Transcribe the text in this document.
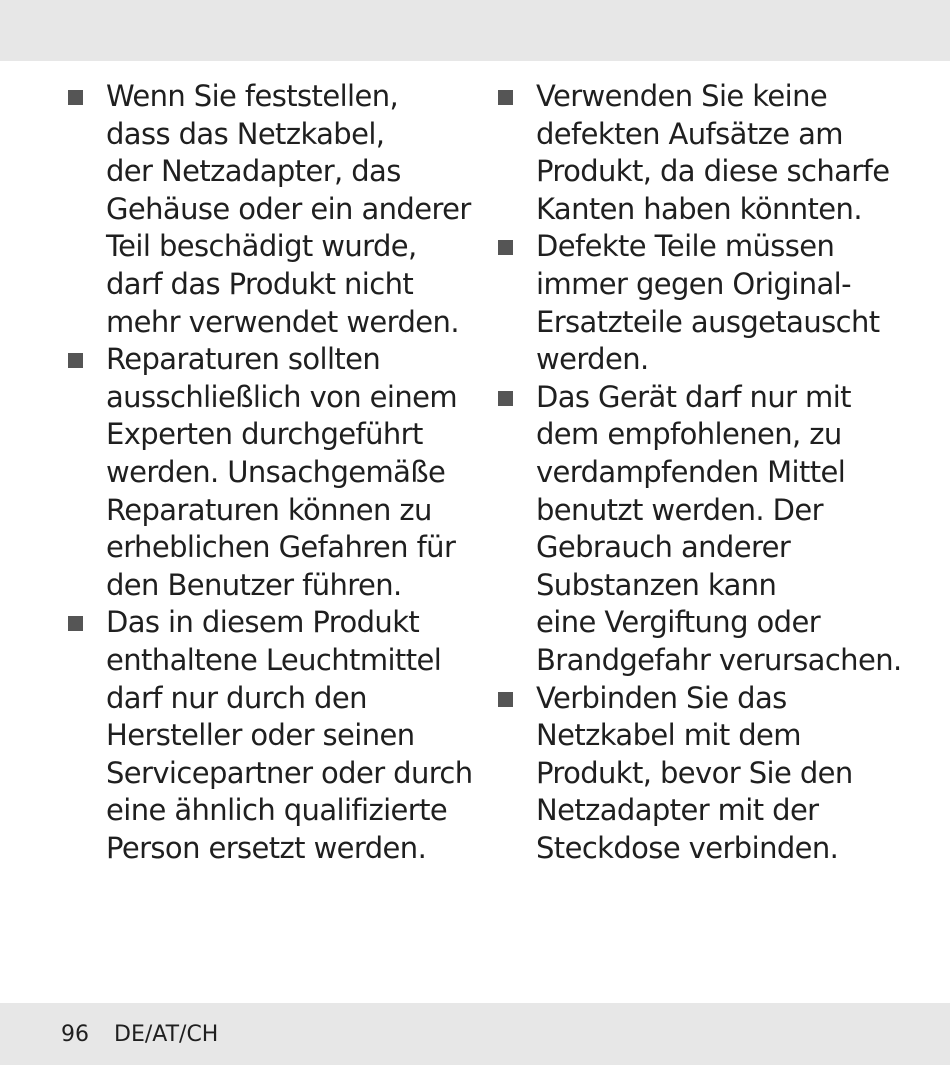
Wenn Sie feststellen,
dass das Netzkabel,
der Netzadapter, das
Gehäuse oder ein anderer
Teil beschädigt wurde,
darf das Produkt nicht
mehr verwendet werden.
Reparaturen sollten
ausschließlich von einem
Experten durchgeführt
werden. Unsachgemäße
Reparaturen können zu
erheblichen Gefahren für
den Benutzer führen.
Das in diesem Produkt
enthaltene Leuchtmittel
darf nur durch den
Hersteller oder seinen
Servicepartner oder durch
eine ähnlich qualifizierte
Person ersetzt werden.
Verwenden Sie keine
defekten Aufsätze am
Produkt, da diese scharfe
Kanten haben könnten.
Defekte Teile müssen
immer gegen Original-
Ersatzteile ausgetauscht
werden.
Das Gerät darf nur mit
dem empfohlenen, zu
verdampfenden Mittel
benutzt werden. Der
Gebrauch anderer
Substanzen kann
eine Vergiftung oder
Brandgefahr verursachen.
Verbinden Sie das
Netzkabel mit dem
Produkt, bevor Sie den
Netzadapter mit der
Steckdose verbinden.
96 DE/AT/CH
